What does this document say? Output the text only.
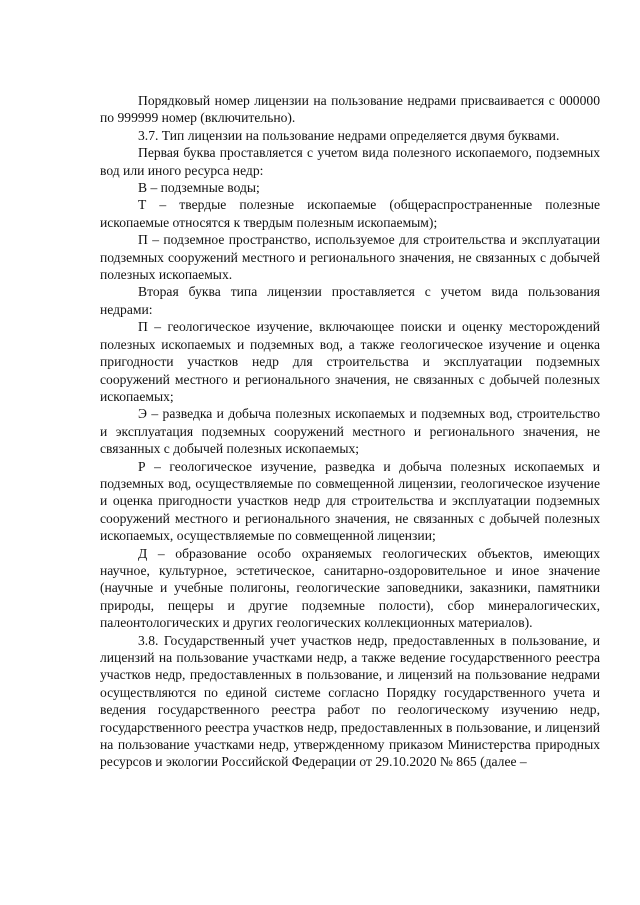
Порядковый номер лицензии на пользование недрами присваивается с 000000 по 999999 номер (включительно).

3.7. Тип лицензии на пользование недрами определяется двумя буквами.

Первая буква проставляется с учетом вида полезного ископаемого, подземных вод или иного ресурса недр:

В – подземные воды;

Т – твердые полезные ископаемые (общераспространенные полезные ископаемые относятся к твердым полезным ископаемым);

П – подземное пространство, используемое для строительства и эксплуатации подземных сооружений местного и регионального значения, не связанных с добычей полезных ископаемых.

Вторая буква типа лицензии проставляется с учетом вида пользования недрами:

П – геологическое изучение, включающее поиски и оценку месторождений полезных ископаемых и подземных вод, а также геологическое изучение и оценка пригодности участков недр для строительства и эксплуатации подземных сооружений местного и регионального значения, не связанных с добычей полезных ископаемых;

Э – разведка и добыча полезных ископаемых и подземных вод, строительство и эксплуатация подземных сооружений местного и регионального значения, не связанных с добычей полезных ископаемых;

Р – геологическое изучение, разведка и добыча полезных ископаемых и подземных вод, осуществляемые по совмещенной лицензии, геологическое изучение и оценка пригодности участков недр для строительства и эксплуатации подземных сооружений местного и регионального значения, не связанных с добычей полезных ископаемых, осуществляемые по совмещенной лицензии;

Д – образование особо охраняемых геологических объектов, имеющих научное, культурное, эстетическое, санитарно-оздоровительное и иное значение (научные и учебные полигоны, геологические заповедники, заказники, памятники природы, пещеры и другие подземные полости), сбор минералогических, палеонтологических и других геологических коллекционных материалов).

3.8. Государственный учет участков недр, предоставленных в пользование, и лицензий на пользование участками недр, а также ведение государственного реестра участков недр, предоставленных в пользование, и лицензий на пользование недрами осуществляются по единой системе согласно Порядку государственного учета и ведения государственного реестра работ по геологическому изучению недр, государственного реестра участков недр, предоставленных в пользование, и лицензий на пользование участками недр, утвержденному приказом Министерства природных ресурсов и экологии Российской Федерации от 29.10.2020 № 865 (далее –
